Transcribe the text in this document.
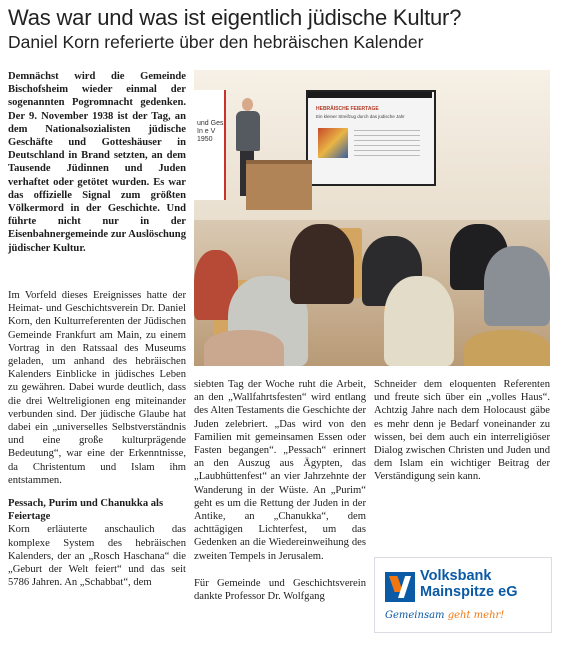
Was war und was ist eigentlich jüdische Kultur?
Daniel Korn referierte über den hebräischen Kalender

Demnächst wird die Gemeinde Bischofsheim wieder einmal der sogenannten Pogromnacht gedenken. Der 9. November 1938 ist der Tag, an dem Nationalsozialisten jüdische Geschäfte und Gotteshäuser in Deutschland in Brand setzten, an dem Tausende Jüdinnen und Juden verhaftet oder getötet wurden. Es war das offizielle Signal zum größten Völkermord in der Geschichte. Und führte nicht nur in der Eisenbahnergemeinde zur Auslöschung jüdischer Kultur.

und Ges
In e V
1950
HEBRÄISCHE FEIERTAGE
Ein kleiner Streifzug durch das jüdische Jahr

Im Vorfeld dieses Ereignisses hatte der Heimat- und Geschichtsverein Dr. Daniel Korn, den Kulturreferenten der Jüdischen Gemeinde Frankfurt am Main, zu einem Vortrag in den Ratssaal des Museums geladen, um anhand des hebräischen Kalenders Einblicke in jüdisches Leben zu gewähren. Dabei wurde deutlich, dass die drei Weltreligionen eng miteinander verbunden sind. Der jüdische Glaube hat dabei ein „universelles Selbstverständnis und eine große kulturprägende Bedeutung“, war eine der Erkenntnisse, da Christentum und Islam ihm entstammen.

Pessach, Purim und Chanukka als Feiertage

Korn erläuterte anschaulich das komplexe System des hebräischen Kalenders, der an „Rosch Haschana“ die „Geburt der Welt feiert“ und das seit 5786 Jahren. An „Schabbat“, dem

siebten Tag der Woche ruht die Arbeit, an den „Wallfahrtsfesten“ wird entlang des Alten Testaments die Geschichte der Juden zelebriert. „Das wird von den Familien mit gemeinsamen Essen oder Fasten begangen“. „Pessach“ erinnert an den Auszug aus Ägypten, das „Laubhüttenfest“ an vier Jahrzehnte der Wanderung in der Wüste. An „Purim“ geht es um die Rettung der Juden in der Antike, an „Chanukka“, dem achttägigen Lichterfest, um das Gedenken an die Wiedereinweihung des zweiten Tempels in Jerusalem.

Für Gemeinde und Geschichtsverein dankte Professor Dr. Wolfgang

Schneider dem eloquenten Referenten und freute sich über ein „volles Haus“. Achtzig Jahre nach dem Holocaust gäbe es mehr denn je Bedarf voneinander zu wissen, bei dem auch ein interreligiöser Dialog zwischen Christen und Juden und dem Islam ein wichtiger Beitrag der Verständigung sein kann.

Volksbank
Mainspitze eG
Gemeinsam geht mehr!
